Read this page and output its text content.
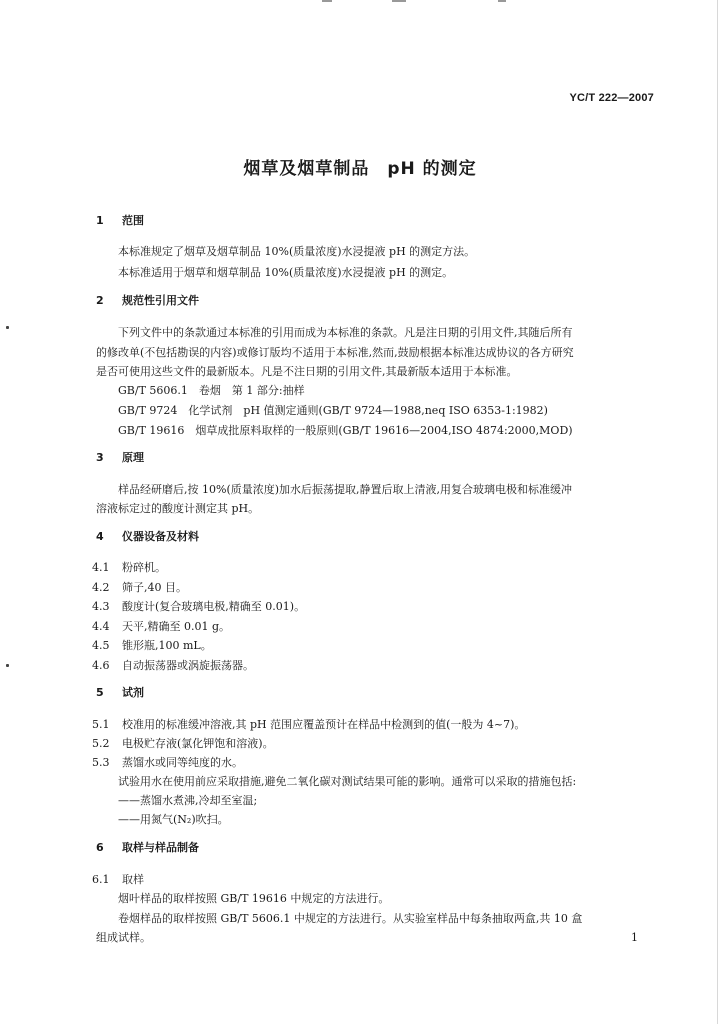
YC/T 222—2007
烟草及烟草制品　pH 的测定
1 范围
本标准规定了烟草及烟草制品 10%(质量浓度)水浸提液 pH 的测定方法。
本标准适用于烟草和烟草制品 10%(质量浓度)水浸提液 pH 的测定。
2 规范性引用文件
下列文件中的条款通过本标准的引用而成为本标准的条款。凡是注日期的引用文件,其随后所有
的修改单(不包括勘误的内容)或修订版均不适用于本标准,然而,鼓励根据本标准达成协议的各方研究
是否可使用这些文件的最新版本。凡是不注日期的引用文件,其最新版本适用于本标准。
GB/T 5606.1　卷烟　第 1 部分:抽样
GB/T 9724　化学试剂　pH 值测定通则(GB/T 9724—1988,neq ISO 6353-1:1982)
GB/T 19616　烟草成批原料取样的一般原则(GB/T 19616—2004,ISO 4874:2000,MOD)
3 原理
样品经研磨后,按 10%(质量浓度)加水后振荡提取,静置后取上清液,用复合玻璃电极和标准缓冲
溶液标定过的酸度计测定其 pH。
4 仪器设备及材料
4.1 粉碎机。
4.2 筛子,40 目。
4.3 酸度计(复合玻璃电极,精确至 0.01)。
4.4 天平,精确至 0.01 g。
4.5 锥形瓶,100 mL。
4.6 自动振荡器或涡旋振荡器。
5 试剂
5.1 校准用的标准缓冲溶液,其 pH 范围应覆盖预计在样品中检测到的值(一般为 4~7)。
5.2 电极贮存液(氯化钾饱和溶液)。
5.3 蒸馏水或同等纯度的水。
试验用水在使用前应采取措施,避免二氧化碳对测试结果可能的影响。通常可以采取的措施包括:
——蒸馏水煮沸,冷却至室温;
——用氮气(N₂)吹扫。
6 取样与样品制备
6.1 取样
烟叶样品的取样按照 GB/T 19616 中规定的方法进行。
卷烟样品的取样按照 GB/T 5606.1 中规定的方法进行。从实验室样品中每条抽取两盒,共 10 盒
组成试样。	1
